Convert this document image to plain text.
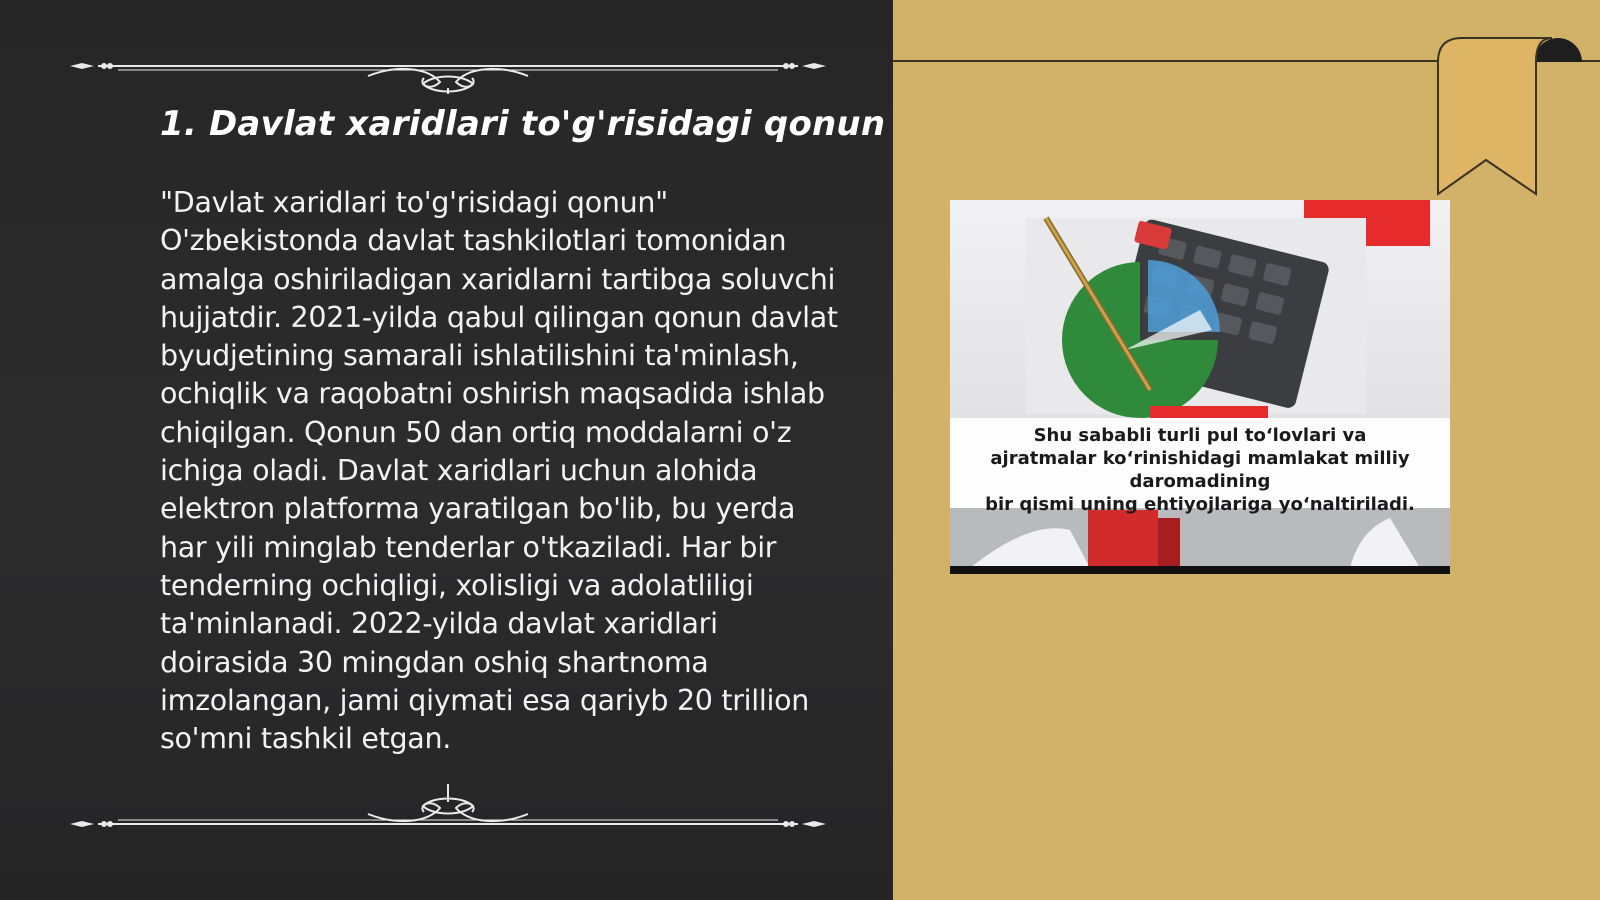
1. Davlat xaridlari to'g'risidagi qonun

"Davlat xaridlari to'g'risidagi qonun" O'zbekistonda davlat tashkilotlari tomonidan amalga oshiriladigan xaridlarni tartibga soluvchi hujjatdir. 2021-yilda qabul qilingan qonun davlat byudjetining samarali ishlatilishini ta'minlash, ochiqlik va raqobatni oshirish maqsadida ishlab chiqilgan. Qonun 50 dan ortiq moddalarni o'z ichiga oladi. Davlat xaridlari uchun alohida elektron platforma yaratilgan bo'lib, bu yerda har yili minglab tenderlar o'tkaziladi. Har bir tenderning ochiqligi, xolisligi va adolatliligi ta'minlanadi. 2022-yilda davlat xaridlari doirasida 30 mingdan oshiq shartnoma imzolangan, jami qiymati esa qariyb 20 trillion so'mni tashkil etgan.

Shu sababli turli pul to‘lovlari va
ajratmalar ko‘rinishidagi mamlakat milliy
daromadining
bir qismi uning ehtiyojlariga yo‘naltiriladi.
